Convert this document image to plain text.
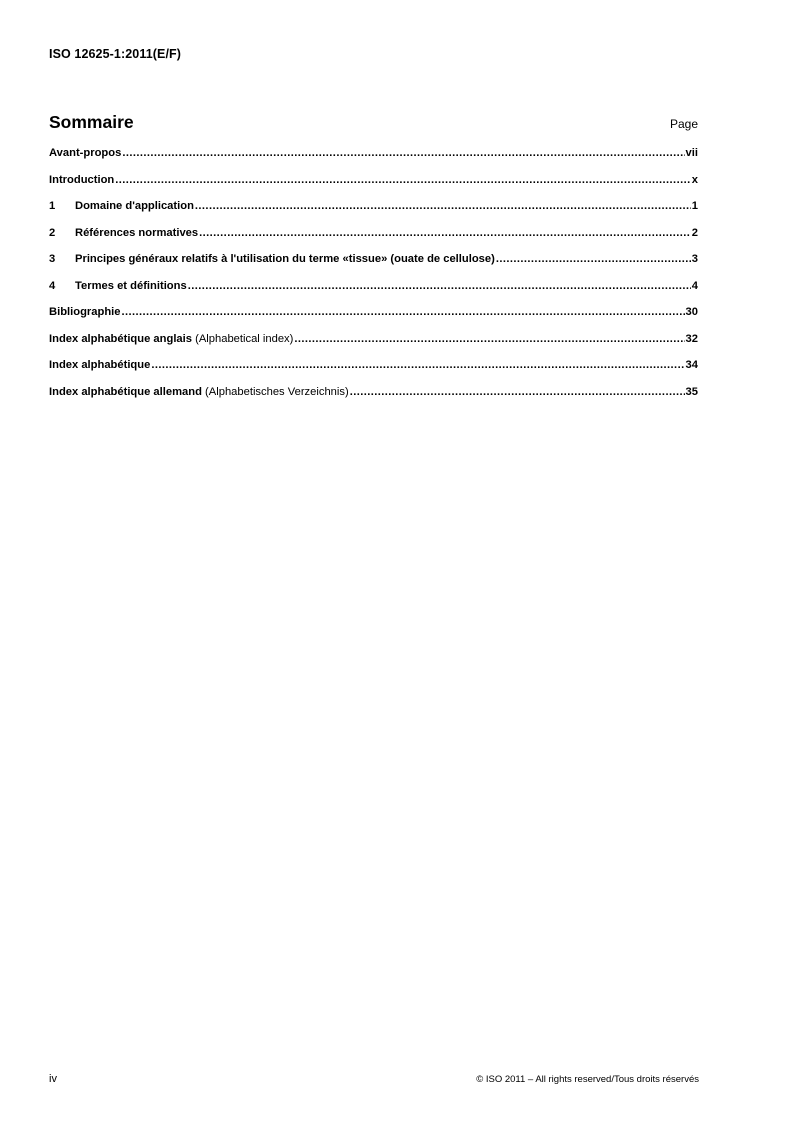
ISO 12625-1:2011(E/F)
Sommaire	Page
Avant-propos .....	vii
Introduction .....	x
1	Domaine d'application .....	1
2	Références normatives .....	2
3	Principes généraux relatifs à l'utilisation du terme «tissue» (ouate de cellulose) .....	3
4	Termes et définitions .....	4
Bibliographie .....	30
Index alphabétique anglais (Alphabetical index) .....	32
Index alphabétique .....	34
Index alphabétique allemand (Alphabetisches Verzeichnis) .....	35
iv	© ISO 2011 – All rights reserved/Tous droits réservés
